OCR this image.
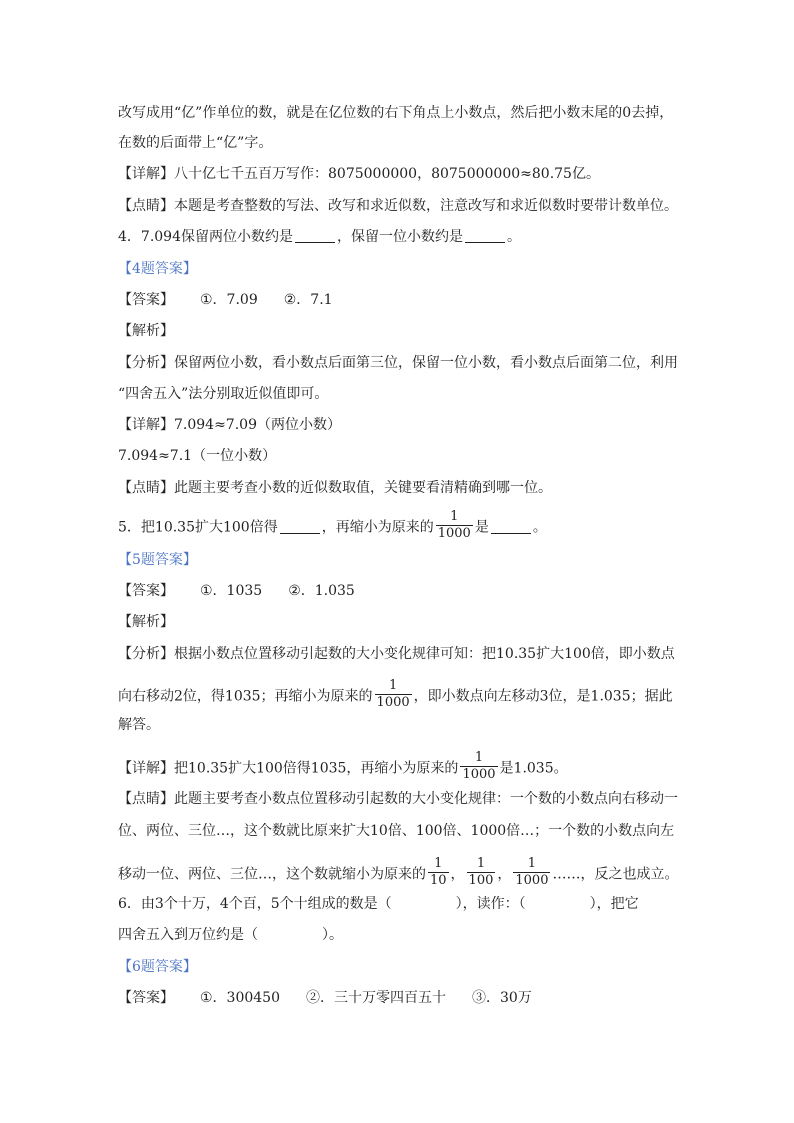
改写成用“亿”作单位的数，就是在亿位数的右下角点上小数点，然后把小数末尾的0去掉，
在数的后面带上“亿”字。
【详解】八十亿七千五百万写作：8075000000，8075000000≈80.75亿。
【点睛】本题是考查整数的写法、改写和求近似数，注意改写和求近似数时要带计数单位。
4．7.094保留两位小数约是	，保留一位小数约是	。
【4题答案】
【答案】 ①．7.09 ②．7.1
【解析】
【分析】保留两位小数，看小数点后面第三位，保留一位小数，看小数点后面第二位，利用
“四舍五入”法分别取近似值即可。
【详解】7.094≈7.09（两位小数）
7.094≈7.1（一位小数）
【点睛】此题主要考查小数的近似数取值，关键要看清精确到哪一位。
5．把10.35扩大100倍得	，再缩小为原来的 $\frac{1}{1000}$ 是	。
【5题答案】
【答案】 ①．1035 ②．1.035
【解析】
【分析】根据小数点位置移动引起数的大小变化规律可知：把10.35扩大100倍，即小数点
向右移动2位，得1035；再缩小为原来的 $\frac{1}{1000}$ ，即小数点向左移动3位，是1.035；据此
解答。
【详解】把10.35扩大100倍得1035，再缩小为原来的 $\frac{1}{1000}$ 是1.035。
【点睛】此题主要考查小数点位置移动引起数的大小变化规律：一个数的小数点向右移动一
位、两位、三位…，这个数就比原来扩大10倍、100倍、1000倍…；一个数的小数点向左
移动一位、两位、三位…，这个数就缩小为原来的 $\frac{1}{10}$ ， $\frac{1}{100}$ ， $\frac{1}{1000}$ ……，反之也成立。
6．由3个十万，4个百，5个十组成的数是（	），读作：（	），把它
四舍五入到万位约是（	）。
【6题答案】
【答案】 ①．300450 ②．三十万零四百五十 ③．30万
